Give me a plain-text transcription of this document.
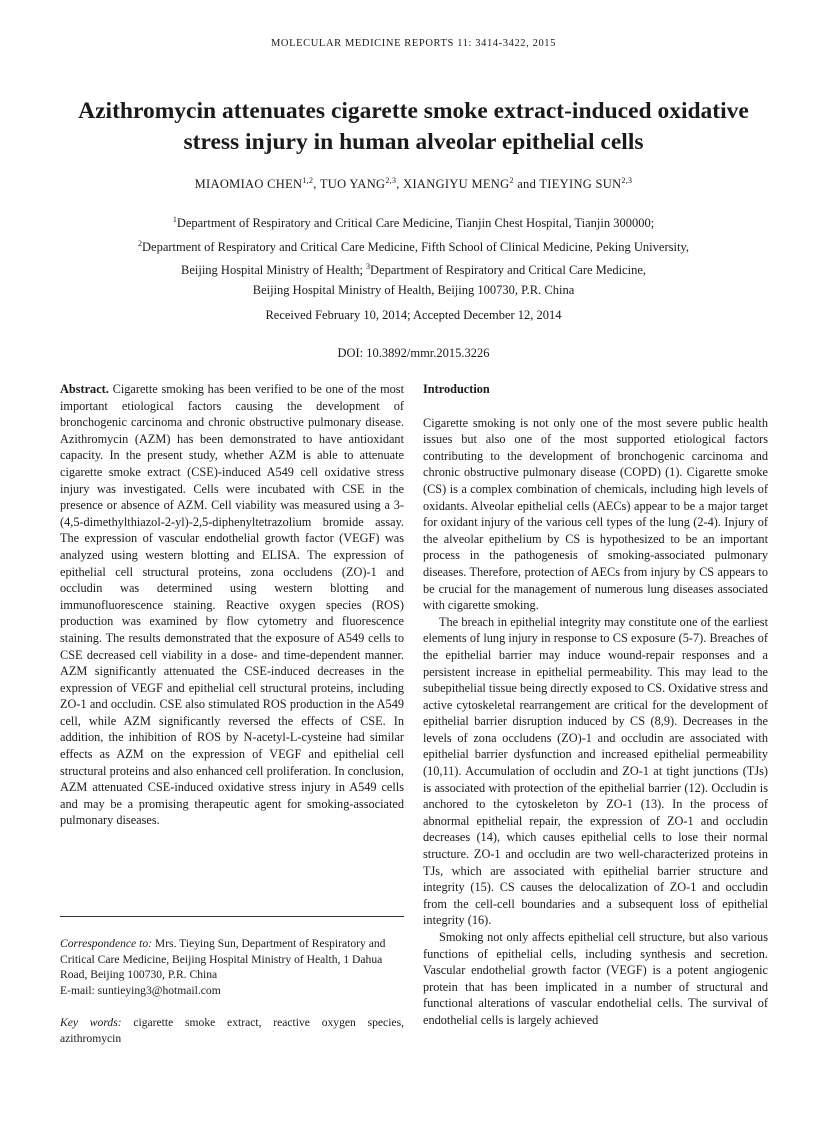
MOLECULAR MEDICINE REPORTS 11: 3414-3422, 2015
Azithromycin attenuates cigarette smoke extract-induced oxidative stress injury in human alveolar epithelial cells
MIAOMIAO CHEN$^{1,2}$, TUO YANG$^{2,3}$, XIANGIYU MENG$^2$ and TIEYING SUN$^{2,3}$
$^1$Department of Respiratory and Critical Care Medicine, Tianjin Chest Hospital, Tianjin 300000;
$^2$Department of Respiratory and Critical Care Medicine, Fifth School of Clinical Medicine, Peking University,
Beijing Hospital Ministry of Health; $^3$Department of Respiratory and Critical Care Medicine,
Beijing Hospital Ministry of Health, Beijing 100730, P.R. China
Received February 10, 2014; Accepted December 12, 2014
DOI: 10.3892/mmr.2015.3226

Abstract. Cigarette smoking has been verified to be one of the most important etiological factors causing the development of bronchogenic carcinoma and chronic obstructive pulmonary disease. Azithromycin (AZM) has been demonstrated to have antioxidant capacity. In the present study, whether AZM is able to attenuate cigarette smoke extract (CSE)-induced A549 cell oxidative stress injury was investigated. Cells were incubated with CSE in the presence or absence of AZM. Cell viability was measured using a 3-(4,5-dimethylthiazol-2-yl)-2,5-diphenyltetrazolium bromide assay. The expression of vascular endothelial growth factor (VEGF) was analyzed using western blotting and ELISA. The expression of epithelial cell structural proteins, zona occludens (ZO)-1 and occludin was determined using western blotting and immunofluorescence staining. Reactive oxygen species (ROS) production was examined by flow cytometry and fluorescence staining. The results demonstrated that the exposure of A549 cells to CSE decreased cell viability in a dose- and time-dependent manner. AZM significantly attenuated the CSE-induced decreases in the expression of VEGF and epithelial cell structural proteins, including ZO-1 and occludin. CSE also stimulated ROS production in the A549 cell, while AZM significantly reversed the effects of CSE. In addition, the inhibition of ROS by N-acetyl-L-cysteine had similar effects as AZM on the expression of VEGF and epithelial cell structural proteins and also enhanced cell proliferation. In conclusion, AZM attenuated CSE-induced oxidative stress injury in A549 cells and may be a promising therapeutic agent for smoking-associated pulmonary diseases.

Correspondence to: Mrs. Tieying Sun, Department of Respiratory and Critical Care Medicine, Beijing Hospital Ministry of Health, 1 Dahua Road, Beijing 100730, P.R. China
E-mail: suntieying3@hotmail.com
Key words: cigarette smoke extract, reactive oxygen species, azithromycin

Introduction

Cigarette smoking is not only one of the most severe public health issues but also one of the most supported etiological factors contributing to the development of bronchogenic carcinoma and chronic obstructive pulmonary disease (COPD) (1). Cigarette smoke (CS) is a complex combination of chemicals, including high levels of oxidants. Alveolar epithelial cells (AECs) appear to be a major target for oxidant injury of the various cell types of the lung (2-4). Injury of the alveolar epithelium by CS is hypothesized to be an important process in the pathogenesis of smoking-associated pulmonary diseases. Therefore, protection of AECs from injury by CS appears to be crucial for the management of numerous lung diseases associated with cigarette smoking.

The breach in epithelial integrity may constitute one of the earliest elements of lung injury in response to CS exposure (5-7). Breaches of the epithelial barrier may induce wound-repair responses and a persistent increase in epithelial permeability. This may lead to the subepithelial tissue being directly exposed to CS. Oxidative stress and active cytoskeletal rearrangement are critical for the development of epithelial barrier disruption induced by CS (8,9). Decreases in the levels of zona occludens (ZO)-1 and occludin are associated with epithelial barrier dysfunction and increased epithelial permeability (10,11). Accumulation of occludin and ZO-1 at tight junctions (TJs) is associated with protection of the epithelial barrier (12). Occludin is anchored to the cytoskeleton by ZO-1 (13). In the process of abnormal epithelial repair, the expression of ZO-1 and occludin decreases (14), which causes epithelial cells to lose their normal structure. ZO-1 and occludin are two well-characterized proteins in TJs, which are associated with epithelial barrier structure and integrity (15). CS causes the delocalization of ZO-1 and occludin from the cell-cell boundaries and a subsequent loss of epithelial integrity (16).

Smoking not only affects epithelial cell structure, but also various functions of epithelial cells, including synthesis and secretion. Vascular endothelial growth factor (VEGF) is a potent angiogenic protein that has been implicated in a number of structural and functional alterations of vascular endothelial cells. The survival of endothelial cells is largely achieved
